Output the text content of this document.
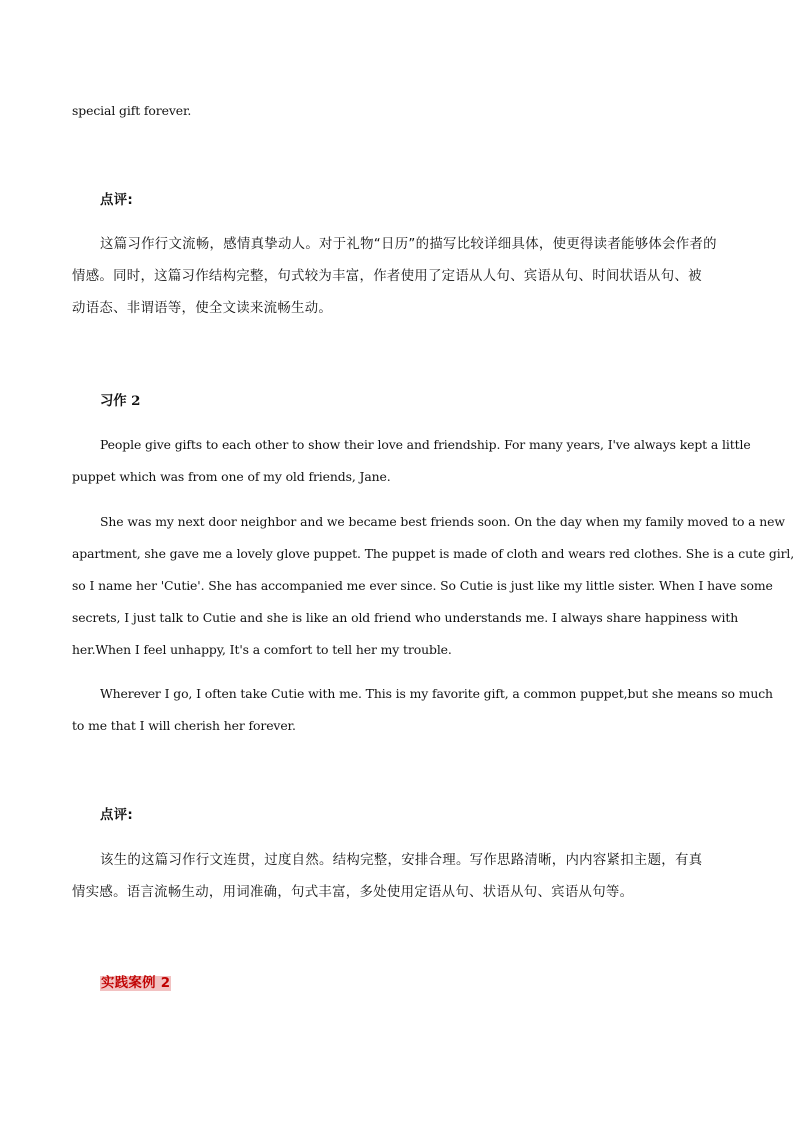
special gift forever.

点评:

这篇习作行文流畅，感情真挚动人。对于礼物“日历”的描写比较详细具体，使更得读者能够体会作者的

情感。同时，这篇习作结构完整，句式较为丰富，作者使用了定语从人句、宾语从句、时间状语从句、被

动语态、非谓语等，使全文读来流畅生动。

习作 2

People give gifts to each other to show their love and friendship. For many years, I've always kept a little

puppet which was from one of my old friends, Jane.

She was my next door neighbor and we became best friends soon. On the day when my family moved to a new

apartment, she gave me a lovely glove puppet. The puppet is made of cloth and wears red clothes. She is a cute girl,

so I name her 'Cutie'. She has accompanied me ever since. So Cutie is just like my little sister. When I have some

secrets, I just talk to Cutie and she is like an old friend who understands me. I always share happiness with

her.When I feel unhappy, It's a comfort to tell her my trouble.

Wherever I go, I often take Cutie with me. This is my favorite gift, a common puppet,but she means so much

to me that I will cherish her forever.

点评:

该生的这篇习作行文连贯，过度自然。结构完整，安排合理。写作思路清晰，内内容紧扣主题，有真

情实感。语言流畅生动，用词准确，句式丰富，多处使用定语从句、状语从句、宾语从句等。

实践案例 2
